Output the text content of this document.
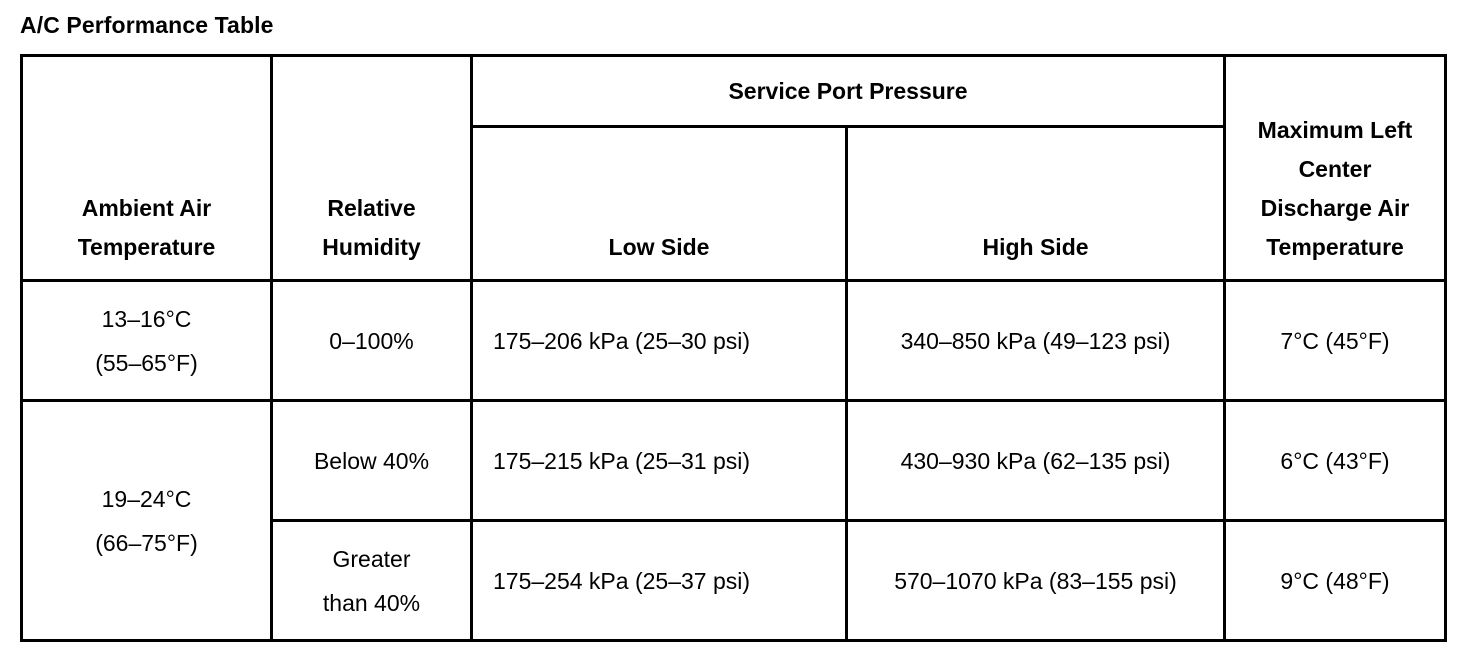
A/C Performance Table
Ambient Air Temperature	Relative Humidity	Service Port Pressure		Maximum Left Center Discharge Air Temperature

		Low Side	High Side	

13–16°C (55–65°F)	0–100%	175–206 kPa (25–30 psi)	340–850 kPa (49–123 psi)	7°C (45°F)

19–24°C (66–75°F)	Below 40%	175–215 kPa (25–31 psi)	430–930 kPa (62–135 psi)	6°C (43°F)

	Greater than 40%	175–254 kPa (25–37 psi)	570–1070 kPa (83–155 psi)	9°C (48°F)
